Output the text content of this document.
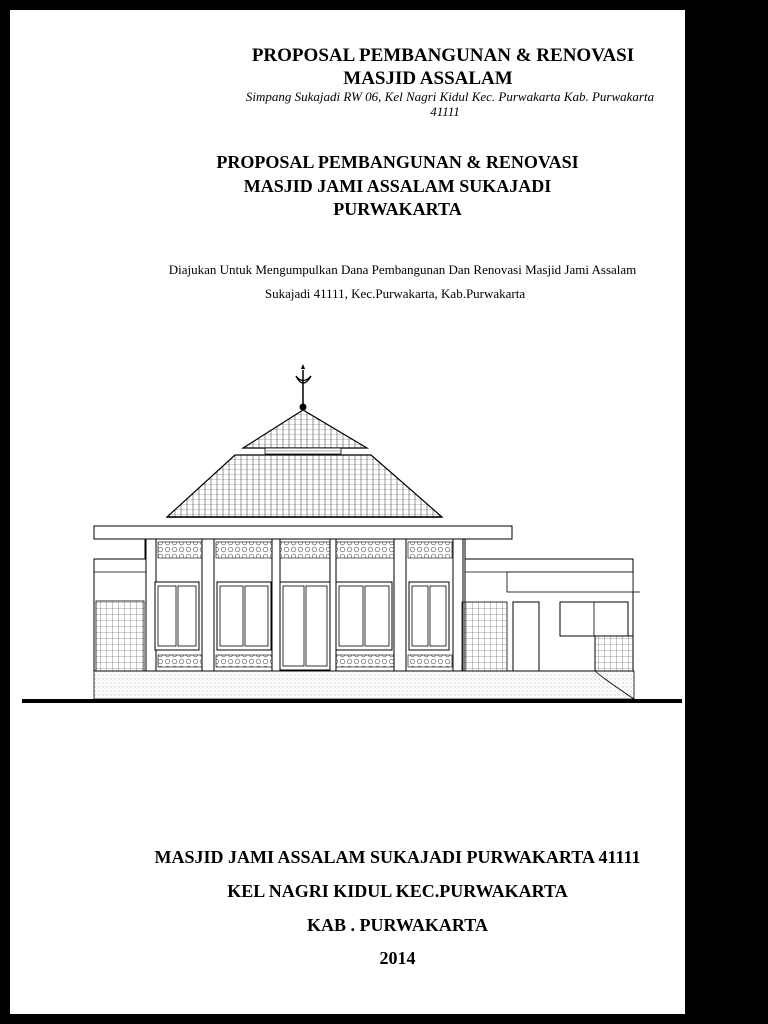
PROPOSAL PEMBANGUNAN & RENOVASI
MASJID ASSALAM
Simpang Sukajadi RW 06, Kel Nagri Kidul Kec. Purwakarta Kab. Purwakarta
41111
PROPOSAL PEMBANGUNAN & RENOVASI
MASJID JAMI ASSALAM SUKAJADI
PURWAKARTA
Diajukan Untuk Mengumpulkan Dana Pembangunan Dan Renovasi Masjid Jami Assalam
Sukajadi 41111, Kec.Purwakarta, Kab.Purwakarta
MASJID JAMI ASSALAM SUKAJADI PURWAKARTA 41111
KEL NAGRI KIDUL KEC.PURWAKARTA
KAB . PURWAKARTA
2014
